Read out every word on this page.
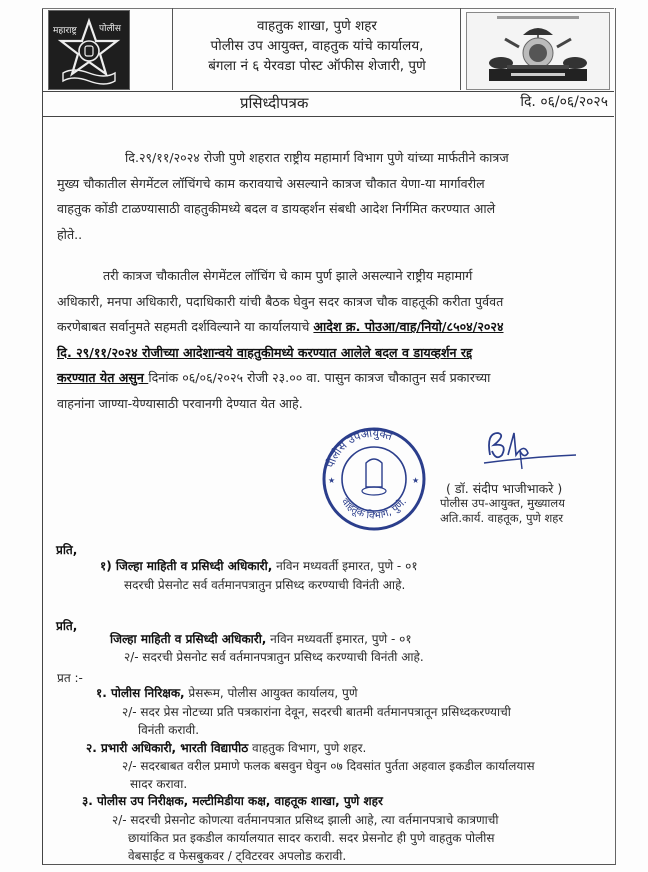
महाराष्ट्र पोलीस	वाहतुक शाखा, पुणे शहर
पोलीस उप आयुक्त, वाहतुक यांचे कार्यालय,
बंगला नं ६ येरवडा पोस्ट ऑफीस शेजारी, पुणे
प्रसिध्दीपत्रक	दि. ०६/०६/२०२५
दि.२९/११/२०२४ रोजी पुणे शहरात राष्ट्रीय महामार्ग विभाग पुणे यांच्या मार्फतीने कात्रज
मुख्य चौकातील सेगमेंटल लॉचिंगचे काम करावयाचे असल्याने कात्रज चौकात येणा-या मार्गावरील
वाहतुक कोंडी टाळण्यासाठी वाहतुकीमध्ये बदल व डायव्हर्शन संबधी आदेश निर्गमित करण्यात आले
होते..
तरी कात्रज चौकातील सेगमेंटल लॉचिंग चे काम पुर्ण झाले असल्याने राष्ट्रीय महामार्ग
अधिकारी, मनपा अधिकारी, पदाधिकारी यांची बैठक घेवुन सदर कात्रज चौक वाहतूकी करीता पुर्ववत
करणेबाबत सर्वानुमते सहमती दर्शविल्याने या कार्यालयाचे आदेश क्र. पोउआ/वाह/नियो/८५०४/२०२४
दि. २९/११/२०२४ रोजीच्या आदेशान्वये वाहतुकीमध्ये करण्यात आलेले बदल व डायव्हर्शन रद्द
करण्यात येत असुन दिनांक ०६/०६/२०२५ रोजी २३.०० वा. पासुन कात्रज चौकातुन सर्व प्रकारच्या
वाहनांना जाण्या-येण्यासाठी परवानगी देण्यात येत आहे.
★	★
पोलीस उपआयुक्त
वाहतूक विभाग, पुणे.
( डॉ. संदीप भाजीभाकरे )
पोलीस उप-आयुक्त, मुख्यालय
अति.कार्य. वाहतूक, पुणे शहर
प्रति,
१) जिल्हा माहिती व प्रसिध्दी अधिकारी, नविन मध्यवर्ती इमारत, पुणे - ०१
सदरची प्रेसनोट सर्व वर्तमानपत्रातुन प्रसिध्द करण्याची विनंती आहे.
प्रति,
जिल्हा माहिती व प्रसिध्दी अधिकारी, नविन मध्यवर्ती इमारत, पुणे - ०१
२/- सदरची प्रेसनोट सर्व वर्तमानपत्रातुन प्रसिध्द करण्याची विनंती आहे.
प्रत :-
१. पोलीस निरिक्षक, प्रेसरूम, पोलीस आयुक्त कार्यालय, पुणे
२/- सदर प्रेस नोटच्या प्रति पत्रकारांना देवून, सदरची बातमी वर्तमानपत्रातून प्रसिध्दकरण्याची
विनंती करावी.
२. प्रभारी अधिकारी, भारती विद्यापीठ वाहतुक विभाग, पुणे शहर.
२/- सदरबाबत वरील प्रमाणे फलक बसवुन घेवुन ०७ दिवसांत पुर्तता अहवाल इकडील कार्यालयास
सादर करावा.
३. पोलीस उप निरीक्षक, मल्टीमिडीया कक्ष, वाहतूक शाखा, पुणे शहर
२/- सदरची प्रेसनोट कोणत्या वर्तमानपत्रात प्रसिध्द झाली आहे, त्या वर्तमानपत्राचे कात्रणाची
छायांकित प्रत इकडील कार्यालयात सादर करावी. सदर प्रेसनोट ही पुणे वाहतुक पोलीस
वेबसाईट व फेसबुकवर / ट्विटरवर अपलोड करावी.
